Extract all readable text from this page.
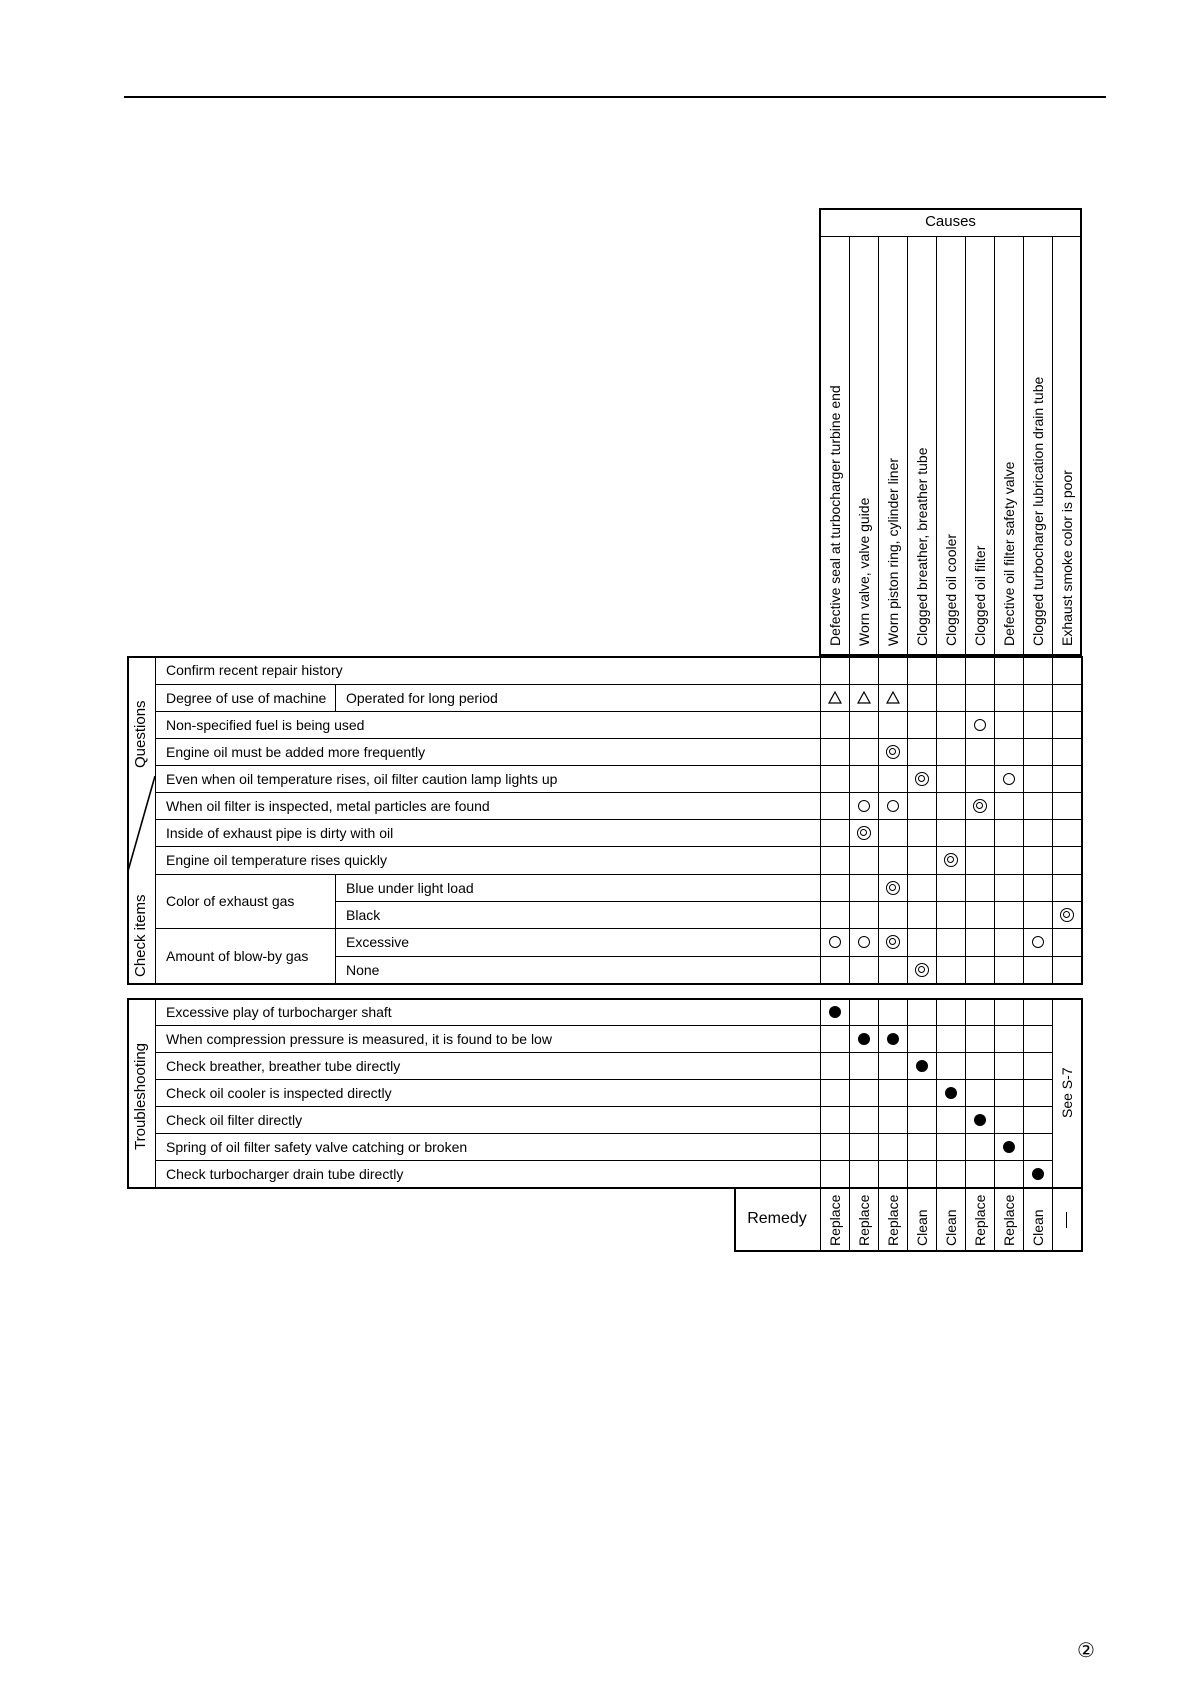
②
Causes
Defective seal at turbocharger turbine end Worn valve, valve guide Worn piston ring, cylinder liner Clogged breather, breather tube Clogged oil cooler Clogged oil filter Defective oil filter safety valve Clogged turbocharger lubrication drain tube Exhaust smoke color is poor
Questions
Check items
Confirm recent repair history
Degree of use of machine Operated for long period
Non-specified fuel is being used
Engine oil must be added more frequently
Even when oil temperature rises, oil filter caution lamp lights up
When oil filter is inspected, metal particles are found
Inside of exhaust pipe is dirty with oil
Engine oil temperature rises quickly
Color of exhaust gas
Blue under light load
Black
Amount of blow-by gas
Excessive
None
Troubleshooting	See S-7
Excessive play of turbocharger shaft
When compression pressure is measured, it is found to be low
Check breather, breather tube directly
Check oil cooler is inspected directly
Check oil filter directly
Spring of oil filter safety valve catching or broken
Check turbocharger drain tube directly
Remedy	Replace Replace Replace Clean Clean Replace Replace Clean
